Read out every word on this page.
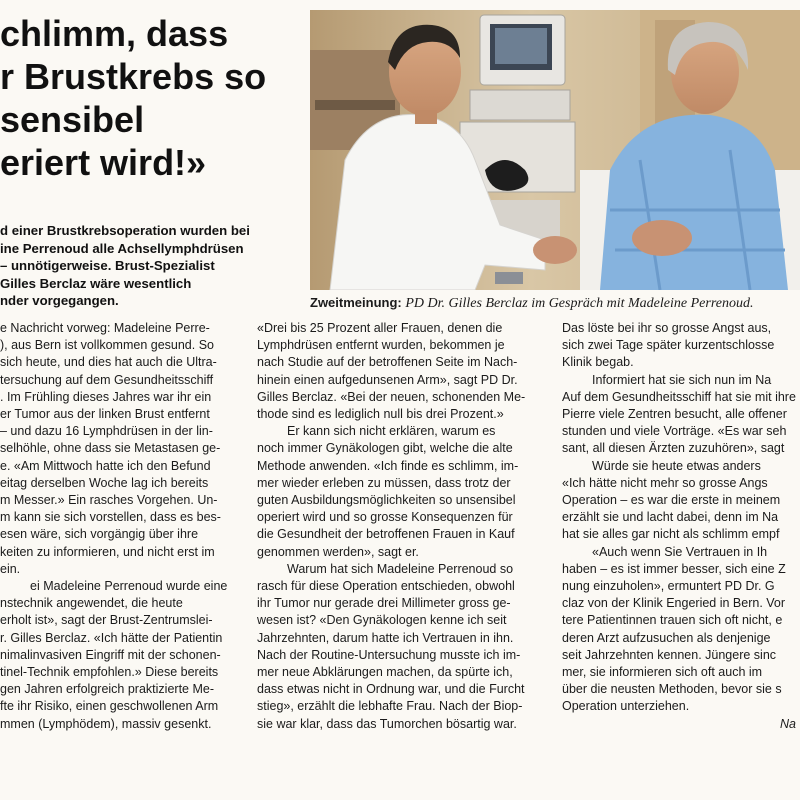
chlimm, dass
r Brustkrebs so
sensibel
eriert wird!»
d einer Brustkrebsoperation wurden bei
ine Perrenoud alle Achsellymphdrüsen
– unnötigerweise. Brust-Spezialist
Gilles Berclaz wäre wesentlich
nder vorgegangen.	Zweitmeinung: PD Dr. Gilles Berclaz im Gespräch mit Madeleine Perrenoud.

e Nachricht vorweg: Madeleine Perre-

), aus Bern ist vollkommen gesund. So

sich heute, und dies hat auch die Ultra-

tersuchung auf dem Gesundheitsschiff

. Im Frühling dieses Jahres war ihr ein

er Tumor aus der linken Brust entfernt

– und dazu 16 Lymphdrüsen in der lin-

selhöhle, ohne dass sie Metastasen ge-

e. «Am Mittwoch hatte ich den Befund

eitag derselben Woche lag ich bereits

m Messer.» Ein rasches Vorgehen. Un-

m kann sie sich vorstellen, dass es bes-

esen wäre, sich vorgängig über ihre

keiten zu informieren, und nicht erst im

ein.

ei Madeleine Perrenoud wurde eine

nstechnik angewendet, die heute

erholt ist», sagt der Brust-Zentrumslei-

r. Gilles Berclaz. «Ich hätte der Patientin

nimalinvasiven Eingriff mit der schonen-

tinel-Technik empfohlen.» Diese bereits

gen Jahren erfolgreich praktizierte Me-

fte ihr Risiko, einen geschwollenen Arm

mmen (Lymphödem), massiv gesenkt.

«Drei bis 25 Prozent aller Frauen, denen die

Lymphdrüsen entfernt wurden, bekommen je

nach Studie auf der betroffenen Seite im Nach-

hinein einen aufgedunsenen Arm», sagt PD Dr.

Gilles Berclaz. «Bei der neuen, schonenden Me-

thode sind es lediglich null bis drei Prozent.»

Er kann sich nicht erklären, warum es

noch immer Gynäkologen gibt, welche die alte

Methode anwenden. «Ich finde es schlimm, im-

mer wieder erleben zu müssen, dass trotz der

guten Ausbildungsmöglichkeiten so unsensibel

operiert wird und so grosse Konsequenzen für

die Gesundheit der betroffenen Frauen in Kauf

genommen werden», sagt er.

Warum hat sich Madeleine Perrenoud so

rasch für diese Operation entschieden, obwohl

ihr Tumor nur gerade drei Millimeter gross ge-

wesen ist? «Den Gynäkologen kenne ich seit

Jahrzehnten, darum hatte ich Vertrauen in ihn.

Nach der Routine-Untersuchung musste ich im-

mer neue Abklärungen machen, da spürte ich,

dass etwas nicht in Ordnung war, und die Furcht

stieg», erzählt die lebhafte Frau. Nach der Biop-

sie war klar, dass das Tumorchen bösartig war.

Das löste bei ihr so grosse Angst aus,

sich zwei Tage später kurzentschlosse

Klinik begab.

Informiert hat sie sich nun im Na

Auf dem Gesundheitsschiff hat sie mit ihre

Pierre viele Zentren besucht, alle offener

stunden und viele Vorträge. «Es war seh

sant, all diesen Ärzten zuzuhören», sagt

Würde sie heute etwas anders

«Ich hätte nicht mehr so grosse Angs

Operation – es war die erste in meinem

erzählt sie und lacht dabei, denn im Na

hat sie alles gar nicht als schlimm empf

«Auch wenn Sie Vertrauen in Ih

haben – es ist immer besser, sich eine Z

nung einzuholen», ermuntert PD Dr. G

claz von der Klinik Engeried in Bern. Vor

tere Patientinnen trauen sich oft nicht, e

deren Arzt aufzusuchen als denjenige

seit Jahrzehnten kennen. Jüngere sinc

mer, sie informieren sich oft auch im

über die neusten Methoden, bevor sie s

Operation unterziehen.

Na
